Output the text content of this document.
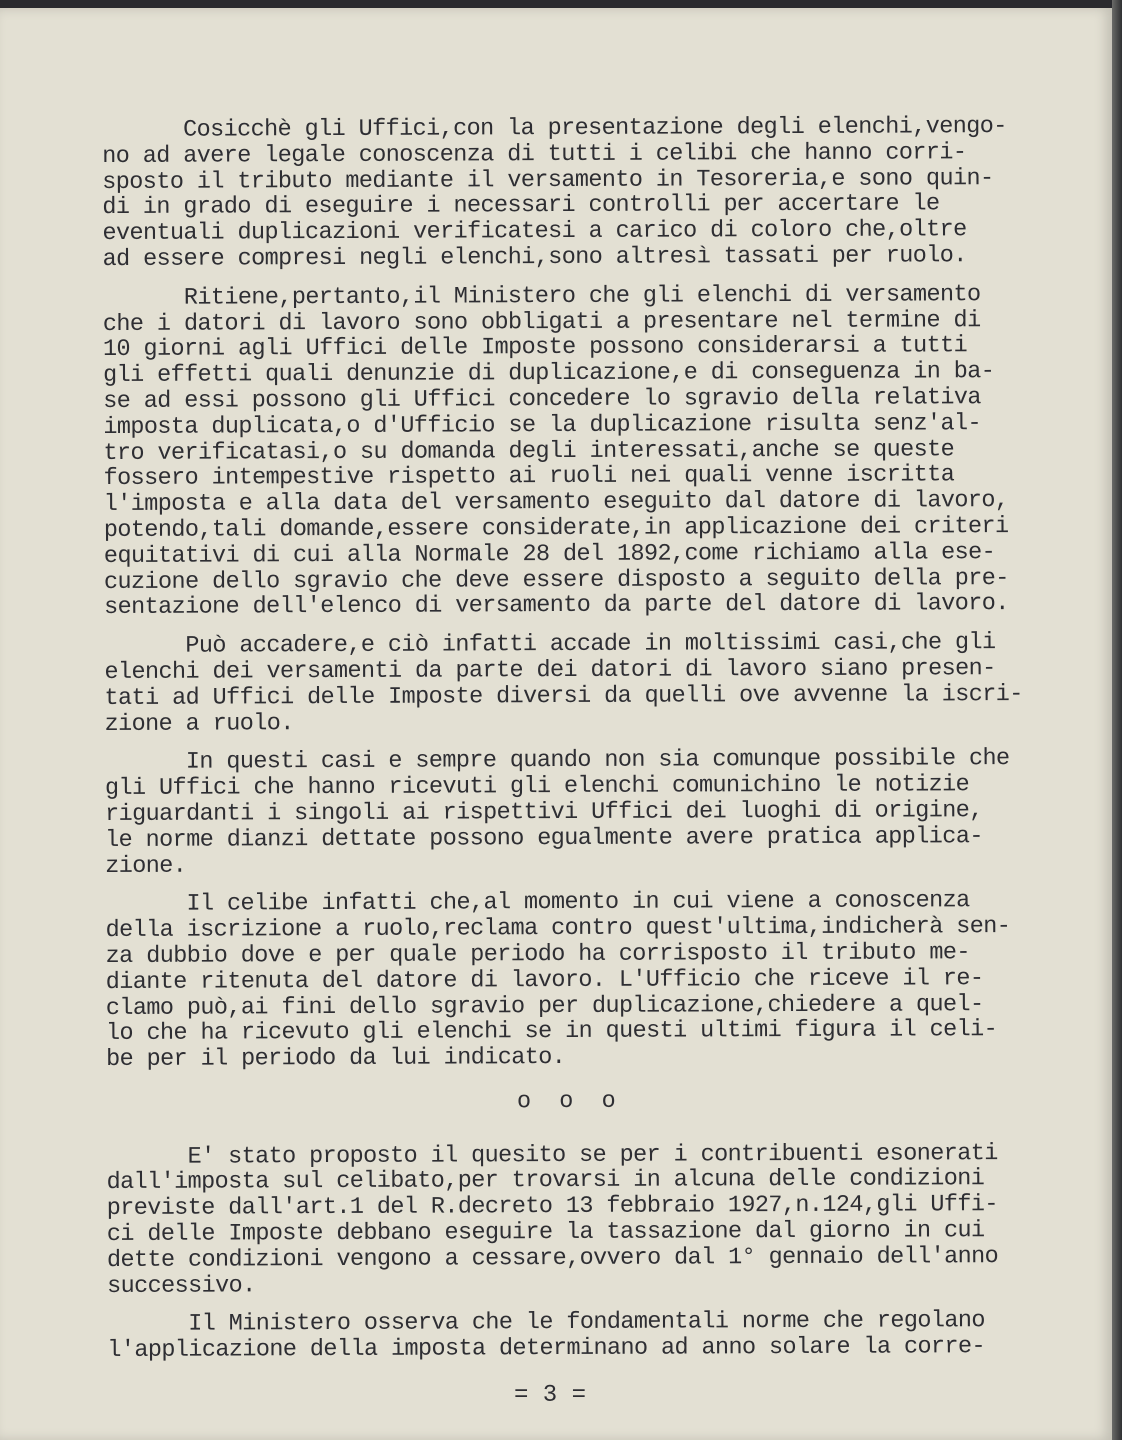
Cosicchè gli Uffici,con la presentazione degli elenchi,vengo-
no ad avere legale conoscenza di tutti i celibi che hanno corri-
sposto il tributo mediante il versamento in Tesoreria,e sono quin-
di in grado di eseguire i necessari controlli per accertare le
eventuali duplicazioni verificatesi a carico di coloro che,oltre
ad essere compresi negli elenchi,sono altresì tassati per ruolo.

Ritiene,pertanto,il Ministero che gli elenchi di versamento
che i datori di lavoro sono obbligati a presentare nel termine di
10 giorni agli Uffici delle Imposte possono considerarsi a tutti
gli effetti quali denunzie di duplicazione,e di conseguenza in ba-
se ad essi possono gli Uffici concedere lo sgravio della relativa
imposta duplicata,o d'Ufficio se la duplicazione risulta senz'al-
tro verificatasi,o su domanda degli interessati,anche se queste
fossero intempestive rispetto ai ruoli nei quali venne iscritta
l'imposta e alla data del versamento eseguito dal datore di lavoro,
potendo,tali domande,essere considerate,in applicazione dei criteri
equitativi di cui alla Normale 28 del 1892,come richiamo alla ese-
cuzione dello sgravio che deve essere disposto a seguito della pre-
sentazione dell'elenco di versamento da parte del datore di lavoro.

Può accadere,e ciò infatti accade in moltissimi casi,che gli
elenchi dei versamenti da parte dei datori di lavoro siano presen-
tati ad Uffici delle Imposte diversi da quelli ove avvenne la iscri-
zione a ruolo.

In questi casi e sempre quando non sia comunque possibile che
gli Uffici che hanno ricevuti gli elenchi comunichino le notizie
riguardanti i singoli ai rispettivi Uffici dei luoghi di origine,
le norme dianzi dettate possono egualmente avere pratica applica-
zione.

Il celibe infatti che,al momento in cui viene a conoscenza
della iscrizione a ruolo,reclama contro quest'ultima,indicherà sen-
za dubbio dove e per quale periodo ha corrisposto il tributo me-
diante ritenuta del datore di lavoro. L'Ufficio che riceve il re-
clamo può,ai fini dello sgravio per duplicazione,chiedere a quel-
lo che ha ricevuto gli elenchi se in questi ultimi figura il celi-
be per il periodo da lui indicato.

o  o  o

E' stato proposto il quesito se per i contribuenti esonerati
dall'imposta sul celibato,per trovarsi in alcuna delle condizioni
previste dall'art.1 del R.decreto 13 febbraio 1927,n.124,gli Uffi-
ci delle Imposte debbano eseguire la tassazione dal giorno in cui
dette condizioni vengono a cessare,ovvero dal 1° gennaio dell'anno
successivo.

Il Ministero osserva che le fondamentali norme che regolano
l'applicazione della imposta determinano ad anno solare la corre-

= 3 =
